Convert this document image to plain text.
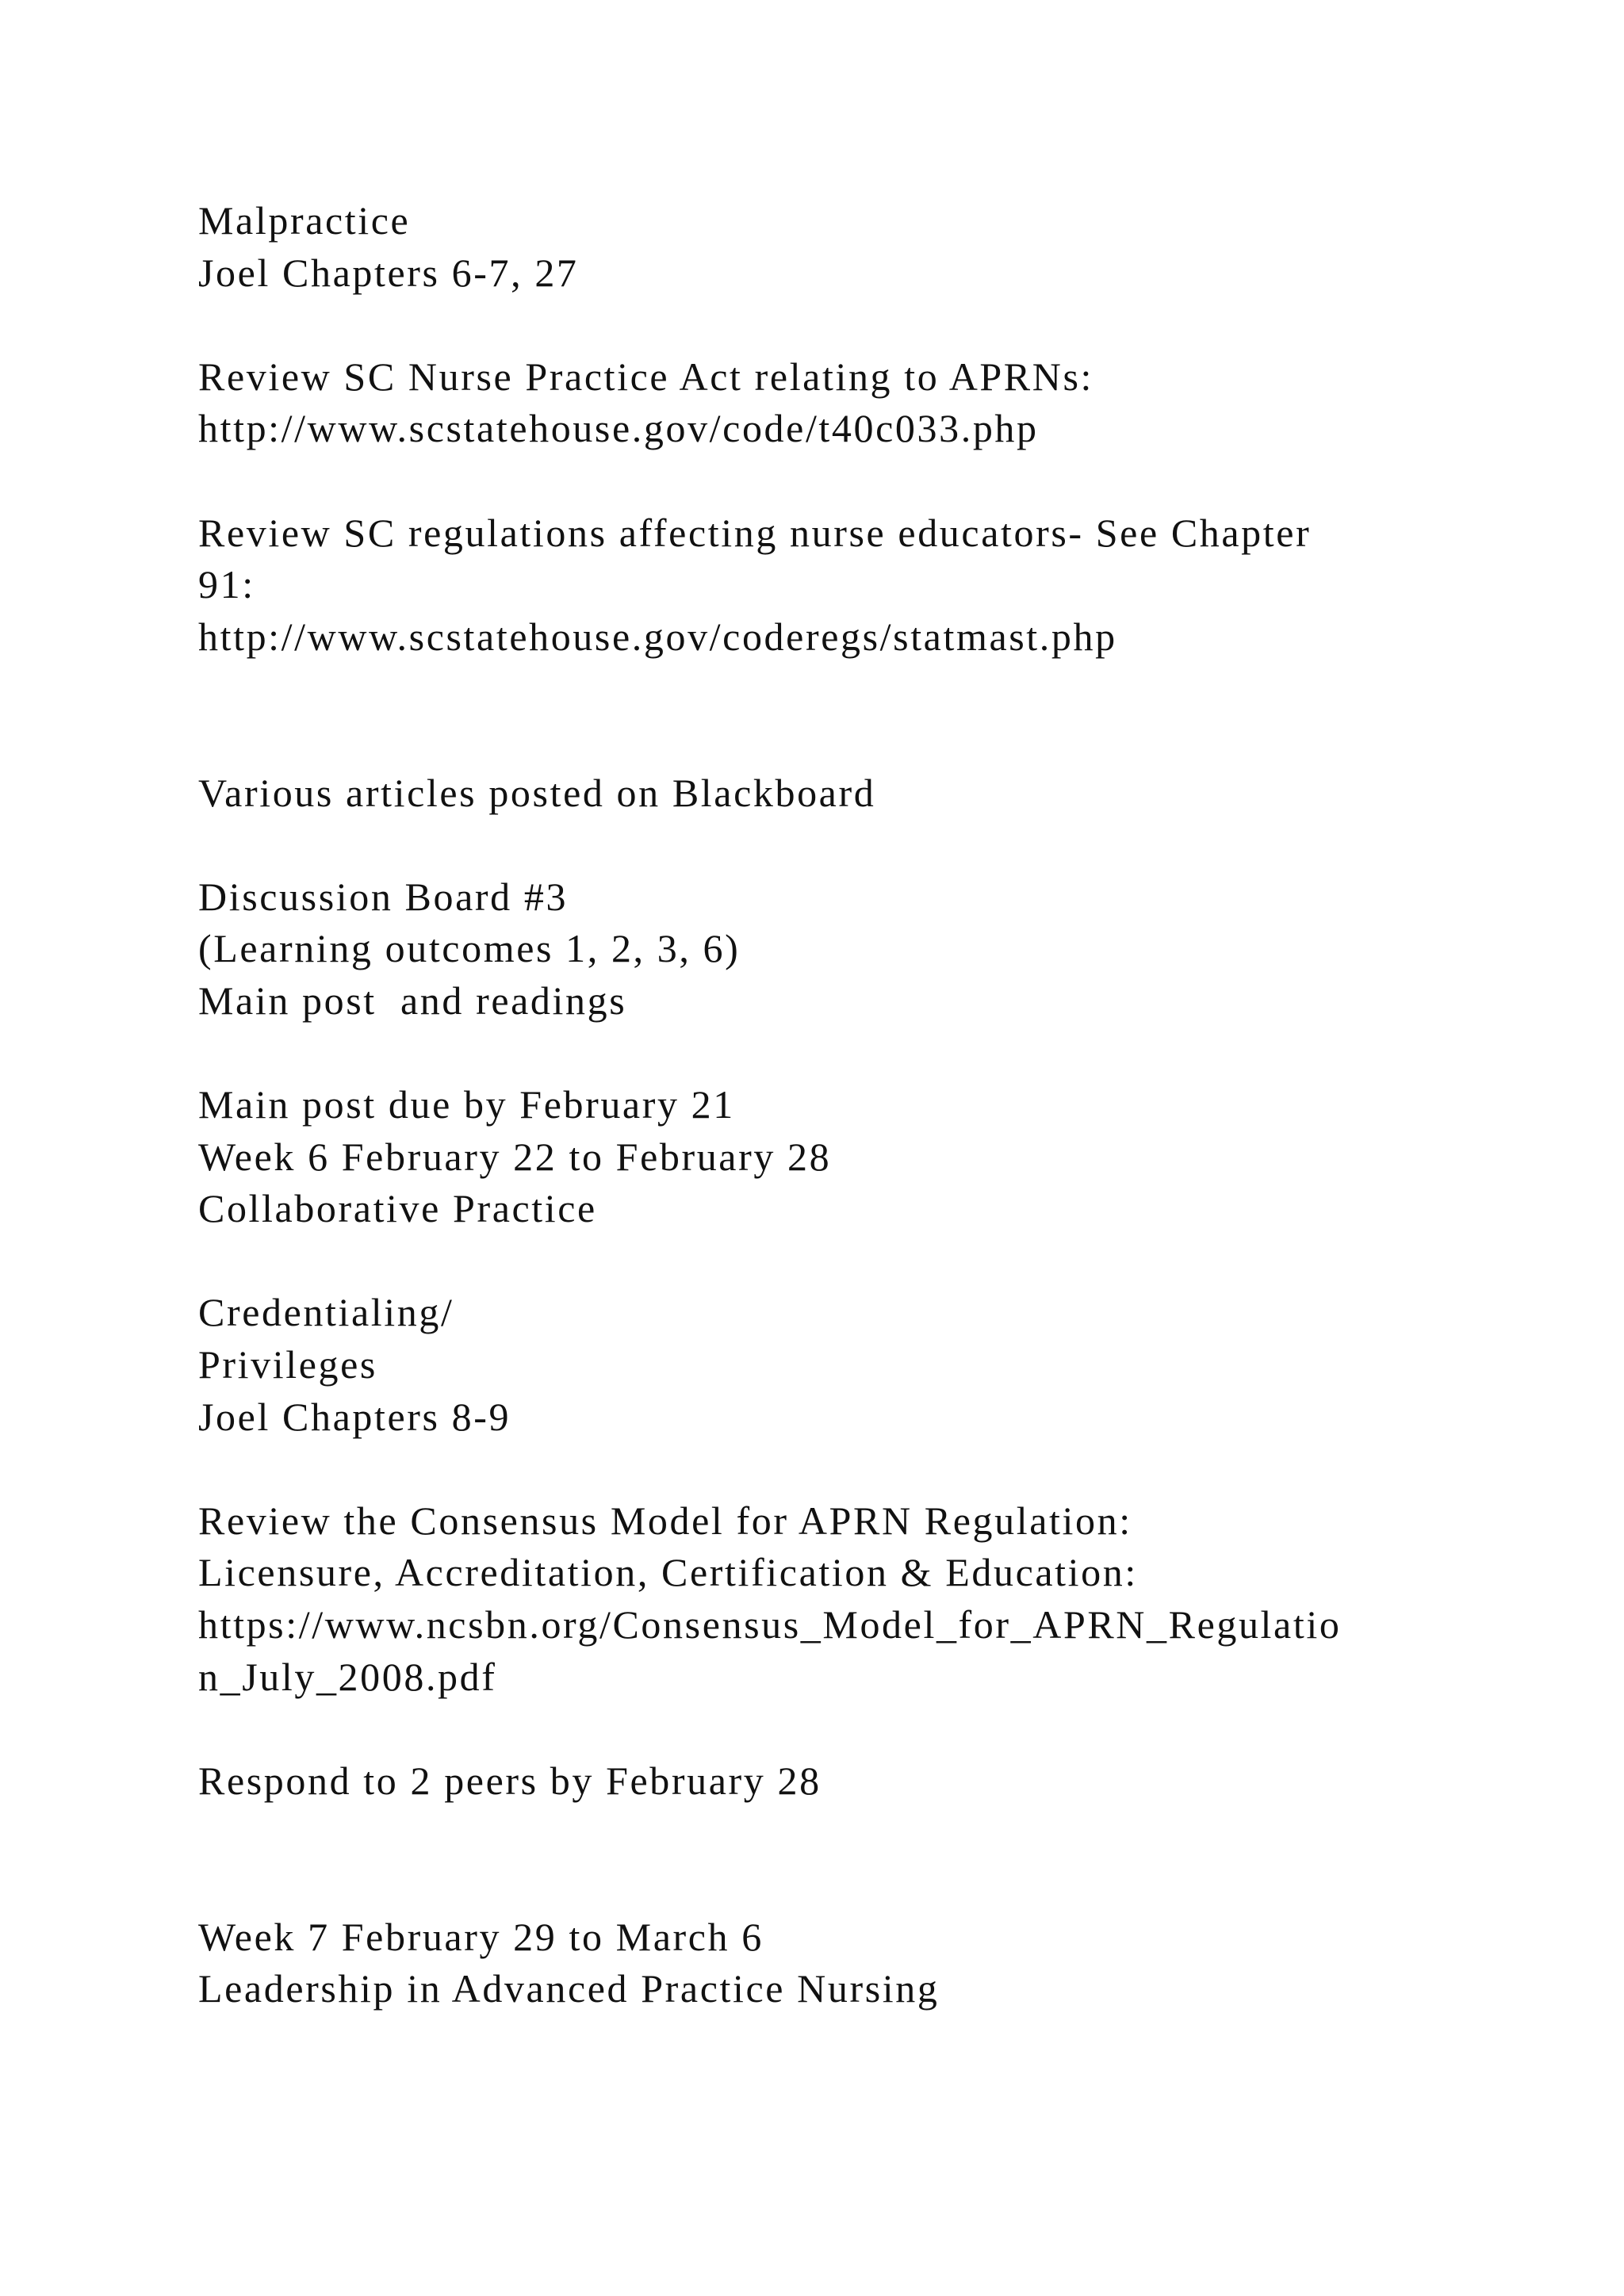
Malpractice
Joel Chapters 6-7, 27
Review SC Nurse Practice Act relating to APRNs:
http://www.scstatehouse.gov/code/t40c033.php
Review SC regulations affecting nurse educators- See Chapter
91:
http://www.scstatehouse.gov/coderegs/statmast.php
Various articles posted on Blackboard
Discussion Board #3
(Learning outcomes 1, 2, 3, 6)
Main post  and readings
Main post due by February 21
Week 6 February 22 to February 28
Collaborative Practice
Credentialing/
Privileges
Joel Chapters 8-9
Review the Consensus Model for APRN Regulation:
Licensure, Accreditation, Certification & Education:
https://www.ncsbn.org/Consensus_Model_for_APRN_Regulatio
n_July_2008.pdf
Respond to 2 peers by February 28
Week 7 February 29 to March 6
Leadership in Advanced Practice Nursing
